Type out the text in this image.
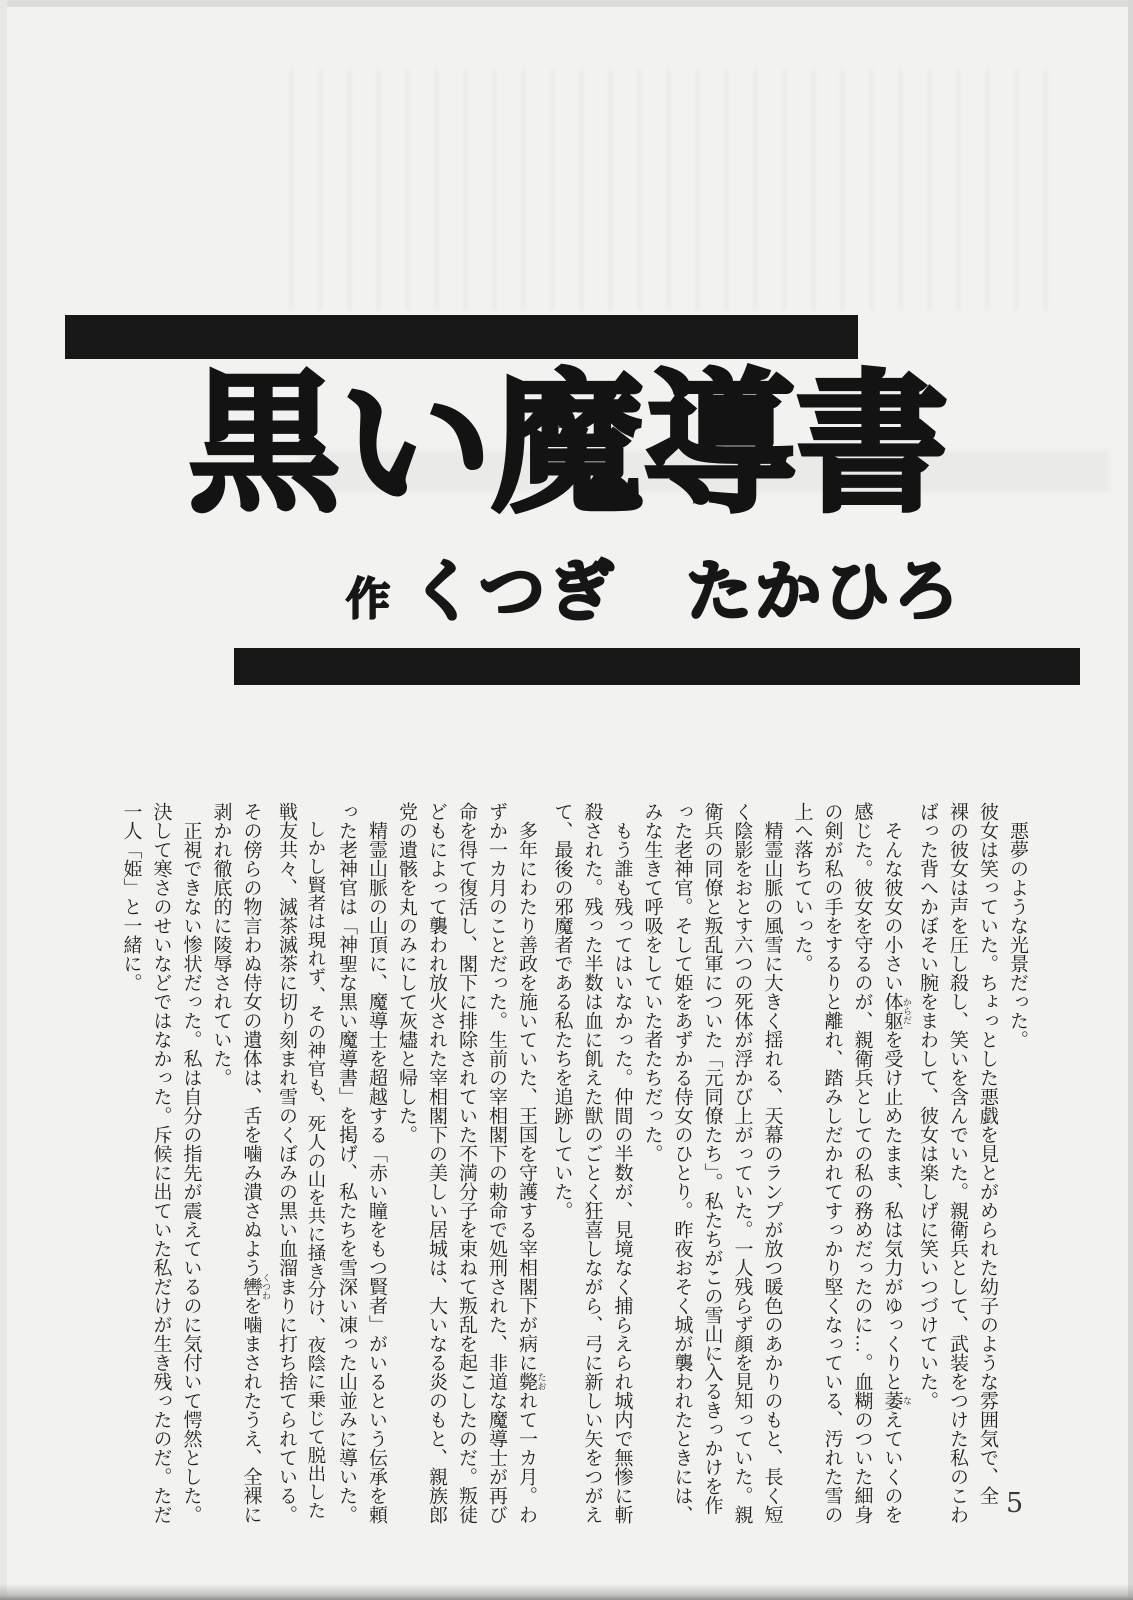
黒い魔導書
作 くつぎ　たかひろ
悪夢のような光景だった。
彼女は笑っていた。ちょっとした悪戯を見とがめられた幼子のような雰囲気で、全
裸の彼女は声を圧し殺し、笑いを含んでいた。親衛兵として、武装をつけた私のこわ
ばった背へかぼそい腕をまわして、彼女は楽しげに笑いつづけていた。
そんな彼女の小さい体躯 からだを受け止めたまま、私は気力がゆっくりと萎 なえていくのを
感じた。彼女を守るのが、親衛兵としての私の務めだったのに…。血糊のついた細身
の剣が私の手をするりと離れ、踏みしだかれてすっかり堅くなっている、汚れた雪の
上へ落ちていった。
精霊山脈の風雪に大きく揺れる、天幕のランプが放つ暖色のあかりのもと、長く短
く陰影をおとす六つの死体が浮かび上がっていた。一人残らず顔を見知っていた。親
衛兵の同僚と叛乱軍についた「元同僚たち」。私たちがこの雪山に入るきっかけを作
った老神官。そして姫をあずかる侍女のひとり。昨夜おそく城が襲われたときには、
みな生きて呼吸をしていた者たちだった。
もう誰も残ってはいなかった。仲間の半数が、見境なく捕らえられ城内で無惨に斬
殺された。残った半数は血に飢えた獣のごとく狂喜しながら、弓に新しい矢をつがえ
て、最後の邪魔者である私たちを追跡していた。
多年にわたり善政を施いていた、王国を守護する宰相閣下が病に斃 たおれて一カ月。わ
ずか一カ月のことだった。生前の宰相閣下の勅命で処刑された、非道な魔導士が再び
命を得て復活し、閣下に排除されていた不満分子を束ねて叛乱を起こしたのだ。叛徒
どもによって襲われ放火された宰相閣下の美しい居城は、大いなる炎のもと、親族郎
党の遺骸を丸のみにして灰燼と帰した。
精霊山脈の山頂に、魔導士を超越する「赤い瞳をもつ賢者」がいるという伝承を頼
った老神官は「神聖な黒い魔導書」を掲げ、私たちを雪深い凍った山並みに導いた。
しかし賢者は現れず、その神官も、死人の山を共に掻き分け、夜陰に乗じて脱出した
戦友共々、滅茶滅茶に切り刻まれ雪のくぼみの黒い血溜まりに打ち捨てられている。
その傍らの物言わぬ侍女の遺体は、舌を噛み潰さぬよう轡 くつわを噛まされたうえ、全裸に
剥かれ徹底的に陵辱されていた。
正視できない惨状だった。私は自分の指先が震えているのに気付いて愕然とした。
決して寒さのせいなどではなかった。斥候に出ていた私だけが生き残ったのだ。ただ
一人「姫」と一緒に。
5
